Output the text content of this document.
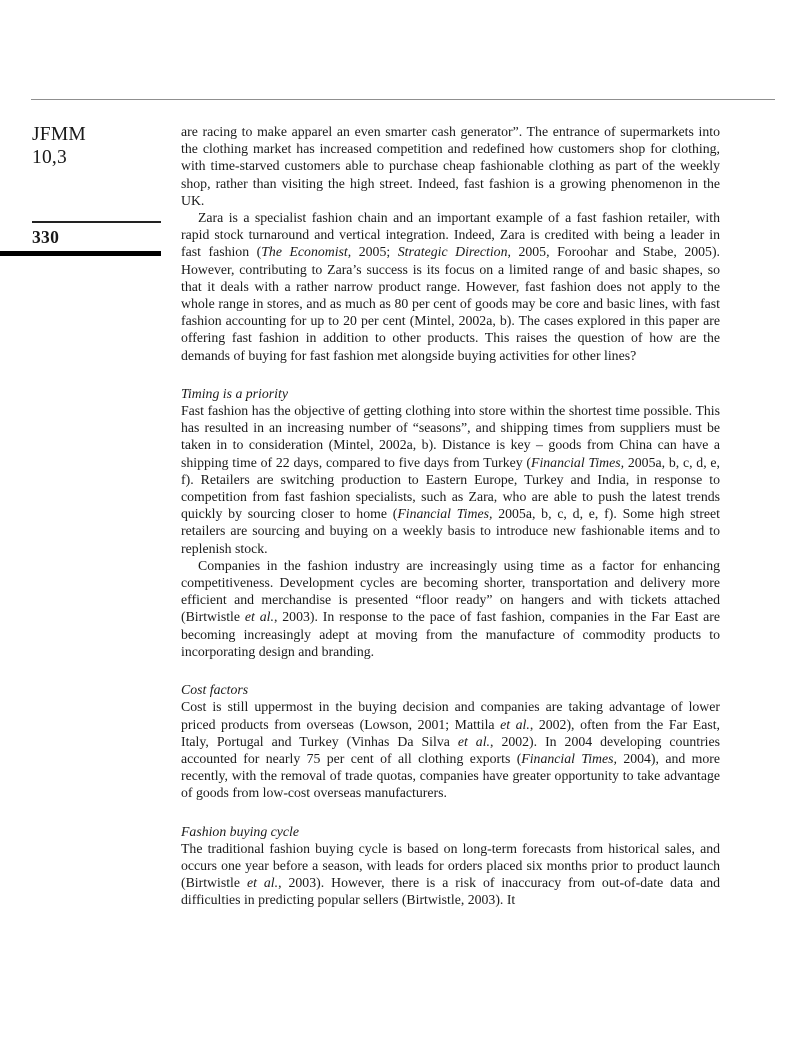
JFMM
10,3
330

are racing to make apparel an even smarter cash generator”. The entrance of supermarkets into the clothing market has increased competition and redefined how customers shop for clothing, with time-starved customers able to purchase cheap fashionable clothing as part of the weekly shop, rather than visiting the high street. Indeed, fast fashion is a growing phenomenon in the UK.

Zara is a specialist fashion chain and an important example of a fast fashion retailer, with rapid stock turnaround and vertical integration. Indeed, Zara is credited with being a leader in fast fashion (The Economist, 2005; Strategic Direction, 2005, Foroohar and Stabe, 2005). However, contributing to Zara’s success is its focus on a limited range of and basic shapes, so that it deals with a rather narrow product range. However, fast fashion does not apply to the whole range in stores, and as much as 80 per cent of goods may be core and basic lines, with fast fashion accounting for up to 20 per cent (Mintel, 2002a, b). The cases explored in this paper are offering fast fashion in addition to other products. This raises the question of how are the demands of buying for fast fashion met alongside buying activities for other lines?

Timing is a priority

Fast fashion has the objective of getting clothing into store within the shortest time possible. This has resulted in an increasing number of “seasons”, and shipping times from suppliers must be taken in to consideration (Mintel, 2002a, b). Distance is key – goods from China can have a shipping time of 22 days, compared to five days from Turkey (Financial Times, 2005a, b, c, d, e, f). Retailers are switching production to Eastern Europe, Turkey and India, in response to competition from fast fashion specialists, such as Zara, who are able to push the latest trends quickly by sourcing closer to home (Financial Times, 2005a, b, c, d, e, f). Some high street retailers are sourcing and buying on a weekly basis to introduce new fashionable items and to replenish stock.

Companies in the fashion industry are increasingly using time as a factor for enhancing competitiveness. Development cycles are becoming shorter, transportation and delivery more efficient and merchandise is presented “floor ready” on hangers and with tickets attached (Birtwistle et al., 2003). In response to the pace of fast fashion, companies in the Far East are becoming increasingly adept at moving from the manufacture of commodity products to incorporating design and branding.

Cost factors

Cost is still uppermost in the buying decision and companies are taking advantage of lower priced products from overseas (Lowson, 2001; Mattila et al., 2002), often from the Far East, Italy, Portugal and Turkey (Vinhas Da Silva et al., 2002). In 2004 developing countries accounted for nearly 75 per cent of all clothing exports (Financial Times, 2004), and more recently, with the removal of trade quotas, companies have greater opportunity to take advantage of goods from low-cost overseas manufacturers.

Fashion buying cycle

The traditional fashion buying cycle is based on long-term forecasts from historical sales, and occurs one year before a season, with leads for orders placed six months prior to product launch (Birtwistle et al., 2003). However, there is a risk of inaccuracy from out-of-date data and difficulties in predicting popular sellers (Birtwistle, 2003). It
